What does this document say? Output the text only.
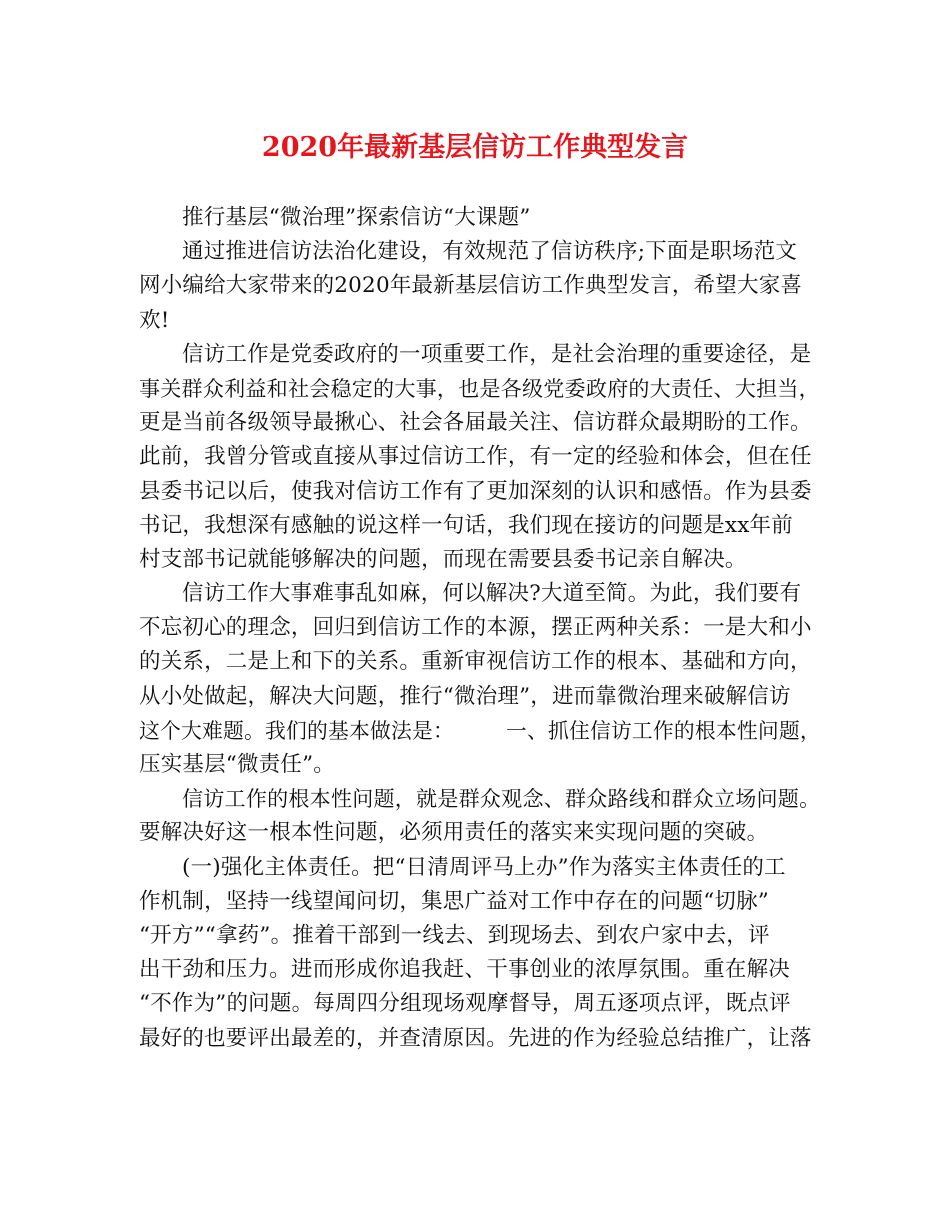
2020年最新基层信访工作典型发言
推行基层“微治理”探索信访“大课题”
通过推进信访法治化建设，有效规范了信访秩序;下面是职场范文
网小编给大家带来的2020年最新基层信访工作典型发言，希望大家喜
欢!
信访工作是党委政府的一项重要工作，是社会治理的重要途径，是
事关群众利益和社会稳定的大事，也是各级党委政府的大责任、大担当，
更是当前各级领导最揪心、社会各届最关注、信访群众最期盼的工作。
此前，我曾分管或直接从事过信访工作，有一定的经验和体会，但在任
县委书记以后，使我对信访工作有了更加深刻的认识和感悟。作为县委
书记，我想深有感触的说这样一句话，我们现在接访的问题是xx年前
村支部书记就能够解决的问题，而现在需要县委书记亲自解决。
信访工作大事难事乱如麻，何以解决?大道至简。为此，我们要有
不忘初心的理念，回归到信访工作的本源，摆正两种关系：一是大和小
的关系，二是上和下的关系。重新审视信访工作的根本、基础和方向，
从小处做起，解决大问题，推行“微治理”，进而靠微治理来破解信访
这个大难题。我们的基本做法是： 一、抓住信访工作的根本性问题，
压实基层“微责任”。
信访工作的根本性问题，就是群众观念、群众路线和群众立场问题。
要解决好这一根本性问题，必须用责任的落实来实现问题的突破。
(一)强化主体责任。把“日清周评马上办”作为落实主体责任的工
作机制，坚持一线望闻问切，集思广益对工作中存在的问题“切脉”
“开方”“拿药”。推着干部到一线去、到现场去、到农户家中去，评
出干劲和压力。进而形成你追我赶、干事创业的浓厚氛围。重在解决
“不作为”的问题。每周四分组现场观摩督导，周五逐项点评，既点评
最好的也要评出最差的，并查清原因。先进的作为经验总结推广，让落
